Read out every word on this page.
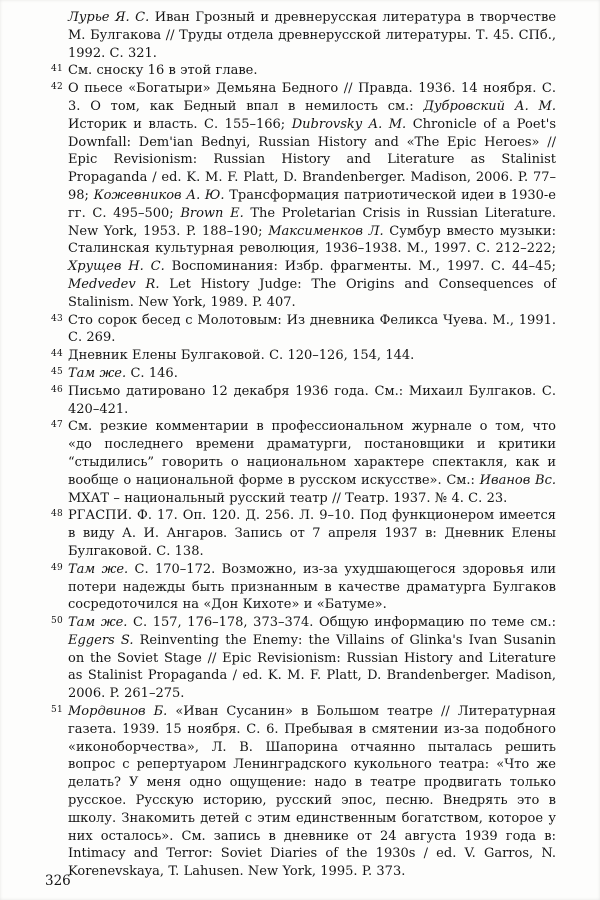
Лурье Я. С. Иван Грозный и древнерусская литература в творчестве М. Булгакова // Труды отдела древнерусской литературы. Т. 45. СПб., 1992. С. 321.
41 См. сноску 16 в этой главе.
42 О пьесе «Богатыри» Демьяна Бедного // Правда. 1936. 14 ноября. С. 3. О том, как Бедный впал в немилость см.: Дубровский А. М. Историк и власть. С. 155–166; Dubrovsky A. M. Chronicle of a Poet's Downfall: Dem'ian Bednyi, Russian History and «The Epic Heroes» // Epic Revisionism: Russian History and Literature as Stalinist Propaganda / ed. K. M. F. Platt, D. Brandenberger. Madison, 2006. P. 77–98; Кожевников А. Ю. Трансформация патриотической идеи в 1930-е гг. С. 495–500; Brown E. The Proletarian Crisis in Russian Literature. New York, 1953. P. 188–190; Максименков Л. Сумбур вместо музыки: Сталинская культурная революция, 1936–1938. М., 1997. С. 212–222; Хрущев Н. С. Воспоминания: Избр. фрагменты. М., 1997. С. 44–45; Medvedev R. Let History Judge: The Origins and Consequences of Stalinism. New York, 1989. P. 407.
43 Сто сорок бесед с Молотовым: Из дневника Феликса Чуева. М., 1991. С. 269.
44 Дневник Елены Булгаковой. С. 120–126, 154, 144.
45 Там же. С. 146.
46 Письмо датировано 12 декабря 1936 года. См.: Михаил Булгаков. С. 420–421.
47 См. резкие комментарии в профессиональном журнале о том, что «до последнего времени драматурги, постановщики и критики “стыдились” говорить о национальном характере спектакля, как и вообще о национальной форме в русском искусстве». См.: Иванов Вс. МХАТ – национальный русский театр // Театр. 1937. № 4. С. 23.
48 РГАСПИ. Ф. 17. Оп. 120. Д. 256. Л. 9–10. Под функционером имеется в виду А. И. Ангаров. Запись от 7 апреля 1937 в: Дневник Елены Булгаковой. С. 138.
49 Там же. С. 170–172. Возможно, из-за ухудшающегося здоровья или потери надежды быть признанным в качестве драматурга Булгаков сосредоточился на «Дон Кихоте» и «Батуме».
50 Там же. С. 157, 176–178, 373–374. Общую информацию по теме см.: Eggers S. Reinventing the Enemy: the Villains of Glinka's Ivan Susanin on the Soviet Stage // Epic Revisionism: Russian History and Literature as Stalinist Propaganda / ed. K. M. F. Platt, D. Brandenberger. Madison, 2006. P. 261–275.
51 Мордвинов Б. «Иван Сусанин» в Большом театре // Литературная газета. 1939. 15 ноября. С. 6. Пребывая в смятении из-за подобного «иконоборчества», Л. В. Шапорина отчаянно пыталась решить вопрос с репертуаром Ленинградского кукольного театра: «Что же делать? У меня одно ощущение: надо в театре продвигать только русское. Русскую историю, русский эпос, песню. Внедрять это в школу. Знакомить детей с этим единственным богатством, которое у них осталось». См. запись в дневнике от 24 августа 1939 года в: Intimacy and Terror: Soviet Diaries of the 1930s / ed. V. Garros, N. Korenevskaya, T. Lahusen. New York, 1995. P. 373.
326
